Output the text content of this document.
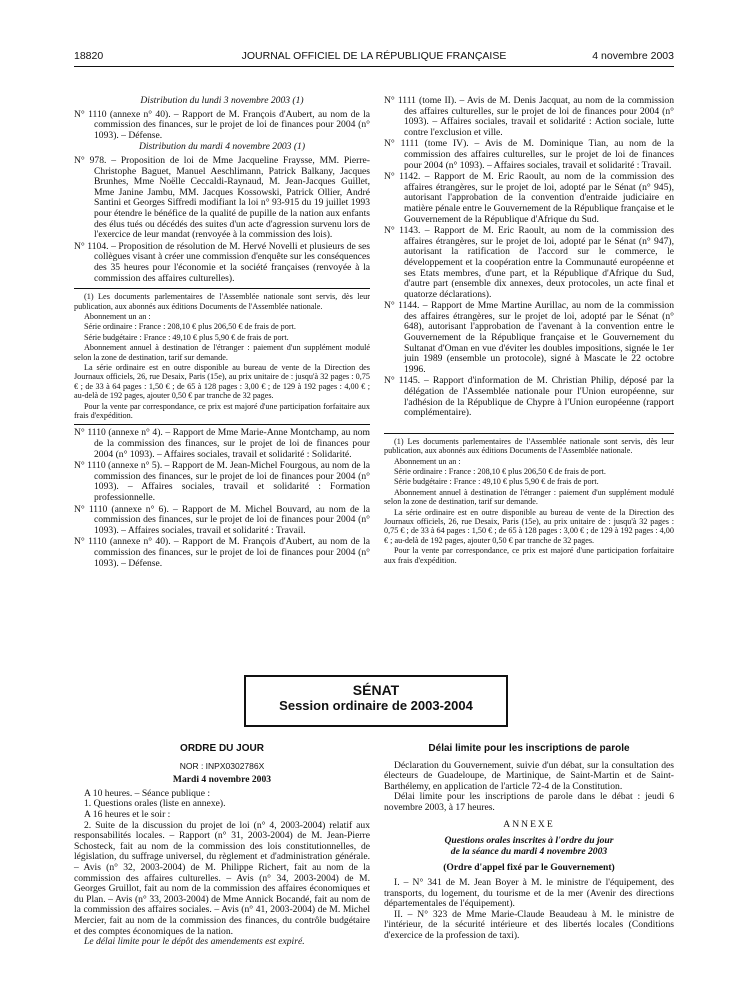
18820	JOURNAL OFFICIEL DE LA RÉPUBLIQUE FRANÇAISE	4 novembre 2003

Distribution du lundi 3 novembre 2003 (1)

N° 1110 (annexe n° 40). – Rapport de M. François d'Aubert, au nom de la commission des finances, sur le projet de loi de finances pour 2004 (n° 1093). – Défense.

Distribution du mardi 4 novembre 2003 (1)

N° 978. – Proposition de loi de Mme Jacqueline Fraysse, MM. Pierre-Christophe Baguet, Manuel Aeschlimann, Patrick Balkany, Jacques Brunhes, Mme Noëlle Ceccaldi-Raynaud, M. Jean-Jacques Guillet, Mme Janine Jambu, MM. Jacques Kossowski, Patrick Ollier, André Santini et Georges Siffredi modifiant la loi n° 93-915 du 19 juillet 1993 pour étendre le bénéfice de la qualité de pupille de la nation aux enfants des élus tués ou décédés des suites d'un acte d'agression survenu lors de l'exercice de leur mandat (renvoyée à la commission des lois).

N° 1104. – Proposition de résolution de M. Hervé Novelli et plusieurs de ses collègues visant à créer une commission d'enquête sur les conséquences des 35 heures pour l'économie et la société françaises (renvoyée à la commission des affaires culturelles).

(1) Les documents parlementaires de l'Assemblée nationale sont servis, dès leur publication, aux abonnés aux éditions Documents de l'Assemblée nationale.

Abonnement un an :

Série ordinaire : France : 208,10 € plus 206,50 € de frais de port.

Série budgétaire : France : 49,10 € plus 5,90 € de frais de port.

Abonnement annuel à destination de l'étranger : paiement d'un supplément modulé selon la zone de destination, tarif sur demande.

La série ordinaire est en outre disponible au bureau de vente de la Direction des Journaux officiels, 26, rue Desaix, Paris (15e), au prix unitaire de : jusqu'à 32 pages : 0,75 € ; de 33 à 64 pages : 1,50 € ; de 65 à 128 pages : 3,00 € ; de 129 à 192 pages : 4,00 € ; au-delà de 192 pages, ajouter 0,50 € par tranche de 32 pages.

Pour la vente par correspondance, ce prix est majoré d'une participation forfaitaire aux frais d'expédition.

N° 1110 (annexe n° 4). – Rapport de Mme Marie-Anne Montchamp, au nom de la commission des finances, sur le projet de loi de finances pour 2004 (n° 1093). – Affaires sociales, travail et solidarité : Solidarité.

N° 1110 (annexe n° 5). – Rapport de M. Jean-Michel Fourgous, au nom de la commission des finances, sur le projet de loi de finances pour 2004 (n° 1093). – Affaires sociales, travail et solidarité : Formation professionnelle.

N° 1110 (annexe n° 6). – Rapport de M. Michel Bouvard, au nom de la commission des finances, sur le projet de loi de finances pour 2004 (n° 1093). – Affaires sociales, travail et solidarité : Travail.

N° 1110 (annexe n° 40). – Rapport de M. François d'Aubert, au nom de la commission des finances, sur le projet de loi de finances pour 2004 (n° 1093). – Défense.

N° 1111 (tome II). – Avis de M. Denis Jacquat, au nom de la commission des affaires culturelles, sur le projet de loi de finances pour 2004 (n° 1093). – Affaires sociales, travail et solidarité : Action sociale, lutte contre l'exclusion et ville.

N° 1111 (tome IV). – Avis de M. Dominique Tian, au nom de la commission des affaires culturelles, sur le projet de loi de finances pour 2004 (n° 1093). – Affaires sociales, travail et solidarité : Travail.

N° 1142. – Rapport de M. Eric Raoult, au nom de la commission des affaires étrangères, sur le projet de loi, adopté par le Sénat (n° 945), autorisant l'approbation de la convention d'entraide judiciaire en matière pénale entre le Gouvernement de la République française et le Gouvernement de la République d'Afrique du Sud.

N° 1143. – Rapport de M. Eric Raoult, au nom de la commission des affaires étrangères, sur le projet de loi, adopté par le Sénat (n° 947), autorisant la ratification de l'accord sur le commerce, le développement et la coopération entre la Communauté européenne et ses Etats membres, d'une part, et la République d'Afrique du Sud, d'autre part (ensemble dix annexes, deux protocoles, un acte final et quatorze déclarations).

N° 1144. – Rapport de Mme Martine Aurillac, au nom de la commission des affaires étrangères, sur le projet de loi, adopté par le Sénat (n° 648), autorisant l'approbation de l'avenant à la convention entre le Gouvernement de la République française et le Gouvernement du Sultanat d'Oman en vue d'éviter les doubles impositions, signée le 1er juin 1989 (ensemble un protocole), signé à Mascate le 22 octobre 1996.

N° 1145. – Rapport d'information de M. Christian Philip, déposé par la délégation de l'Assemblée nationale pour l'Union européenne, sur l'adhésion de la République de Chypre à l'Union européenne (rapport complémentaire).

(1) Les documents parlementaires de l'Assemblée nationale sont servis, dès leur publication, aux abonnés aux éditions Documents de l'Assemblée nationale.

Abonnement un an :

Série ordinaire : France : 208,10 € plus 206,50 € de frais de port.

Série budgétaire : France : 49,10 € plus 5,90 € de frais de port.

Abonnement annuel à destination de l'étranger : paiement d'un supplément modulé selon la zone de destination, tarif sur demande.

La série ordinaire est en outre disponible au bureau de vente de la Direction des Journaux officiels, 26, rue Desaix, Paris (15e), au prix unitaire de : jusqu'à 32 pages : 0,75 € ; de 33 à 64 pages : 1,50 € ; de 65 à 128 pages : 3,00 € ; de 129 à 192 pages : 4,00 € ; au-delà de 192 pages, ajouter 0,50 € par tranche de 32 pages.

Pour la vente par correspondance, ce prix est majoré d'une participation forfaitaire aux frais d'expédition.

SÉNAT
Session ordinaire de 2003-2004

ORDRE DU JOUR

NOR : INPX0302786X

Mardi 4 novembre 2003

A 10 heures. – Séance publique :

1. Questions orales (liste en annexe).

A 16 heures et le soir :

2. Suite de la discussion du projet de loi (n° 4, 2003-2004) relatif aux responsabilités locales. – Rapport (n° 31, 2003-2004) de M. Jean-Pierre Schosteck, fait au nom de la commission des lois constitutionnelles, de législation, du suffrage universel, du règlement et d'administration générale. – Avis (n° 32, 2003-2004) de M. Philippe Richert, fait au nom de la commission des affaires culturelles. – Avis (n° 34, 2003-2004) de M. Georges Gruillot, fait au nom de la commission des affaires économiques et du Plan. – Avis (n° 33, 2003-2004) de Mme Annick Bocandé, fait au nom de la commission des affaires sociales. – Avis (n° 41, 2003-2004) de M. Michel Mercier, fait au nom de la commission des finances, du contrôle budgétaire et des comptes économiques de la nation.

Le délai limite pour le dépôt des amendements est expiré.

Délai limite pour les inscriptions de parole

Déclaration du Gouvernement, suivie d'un débat, sur la consultation des électeurs de Guadeloupe, de Martinique, de Saint-Martin et de Saint-Barthélemy, en application de l'article 72-4 de la Constitution.

Délai limite pour les inscriptions de parole dans le débat : jeudi 6 novembre 2003, à 17 heures.

ANNEXE

Questions orales inscrites à l'ordre du jour

de la séance du mardi 4 novembre 2003

(Ordre d'appel fixé par le Gouvernement)

I. – N° 341 de M. Jean Boyer à M. le ministre de l'équipement, des transports, du logement, du tourisme et de la mer (Avenir des directions départementales de l'équipement).

II. – N° 323 de Mme Marie-Claude Beaudeau à M. le ministre de l'intérieur, de la sécurité intérieure et des libertés locales (Conditions d'exercice de la profession de taxi).
